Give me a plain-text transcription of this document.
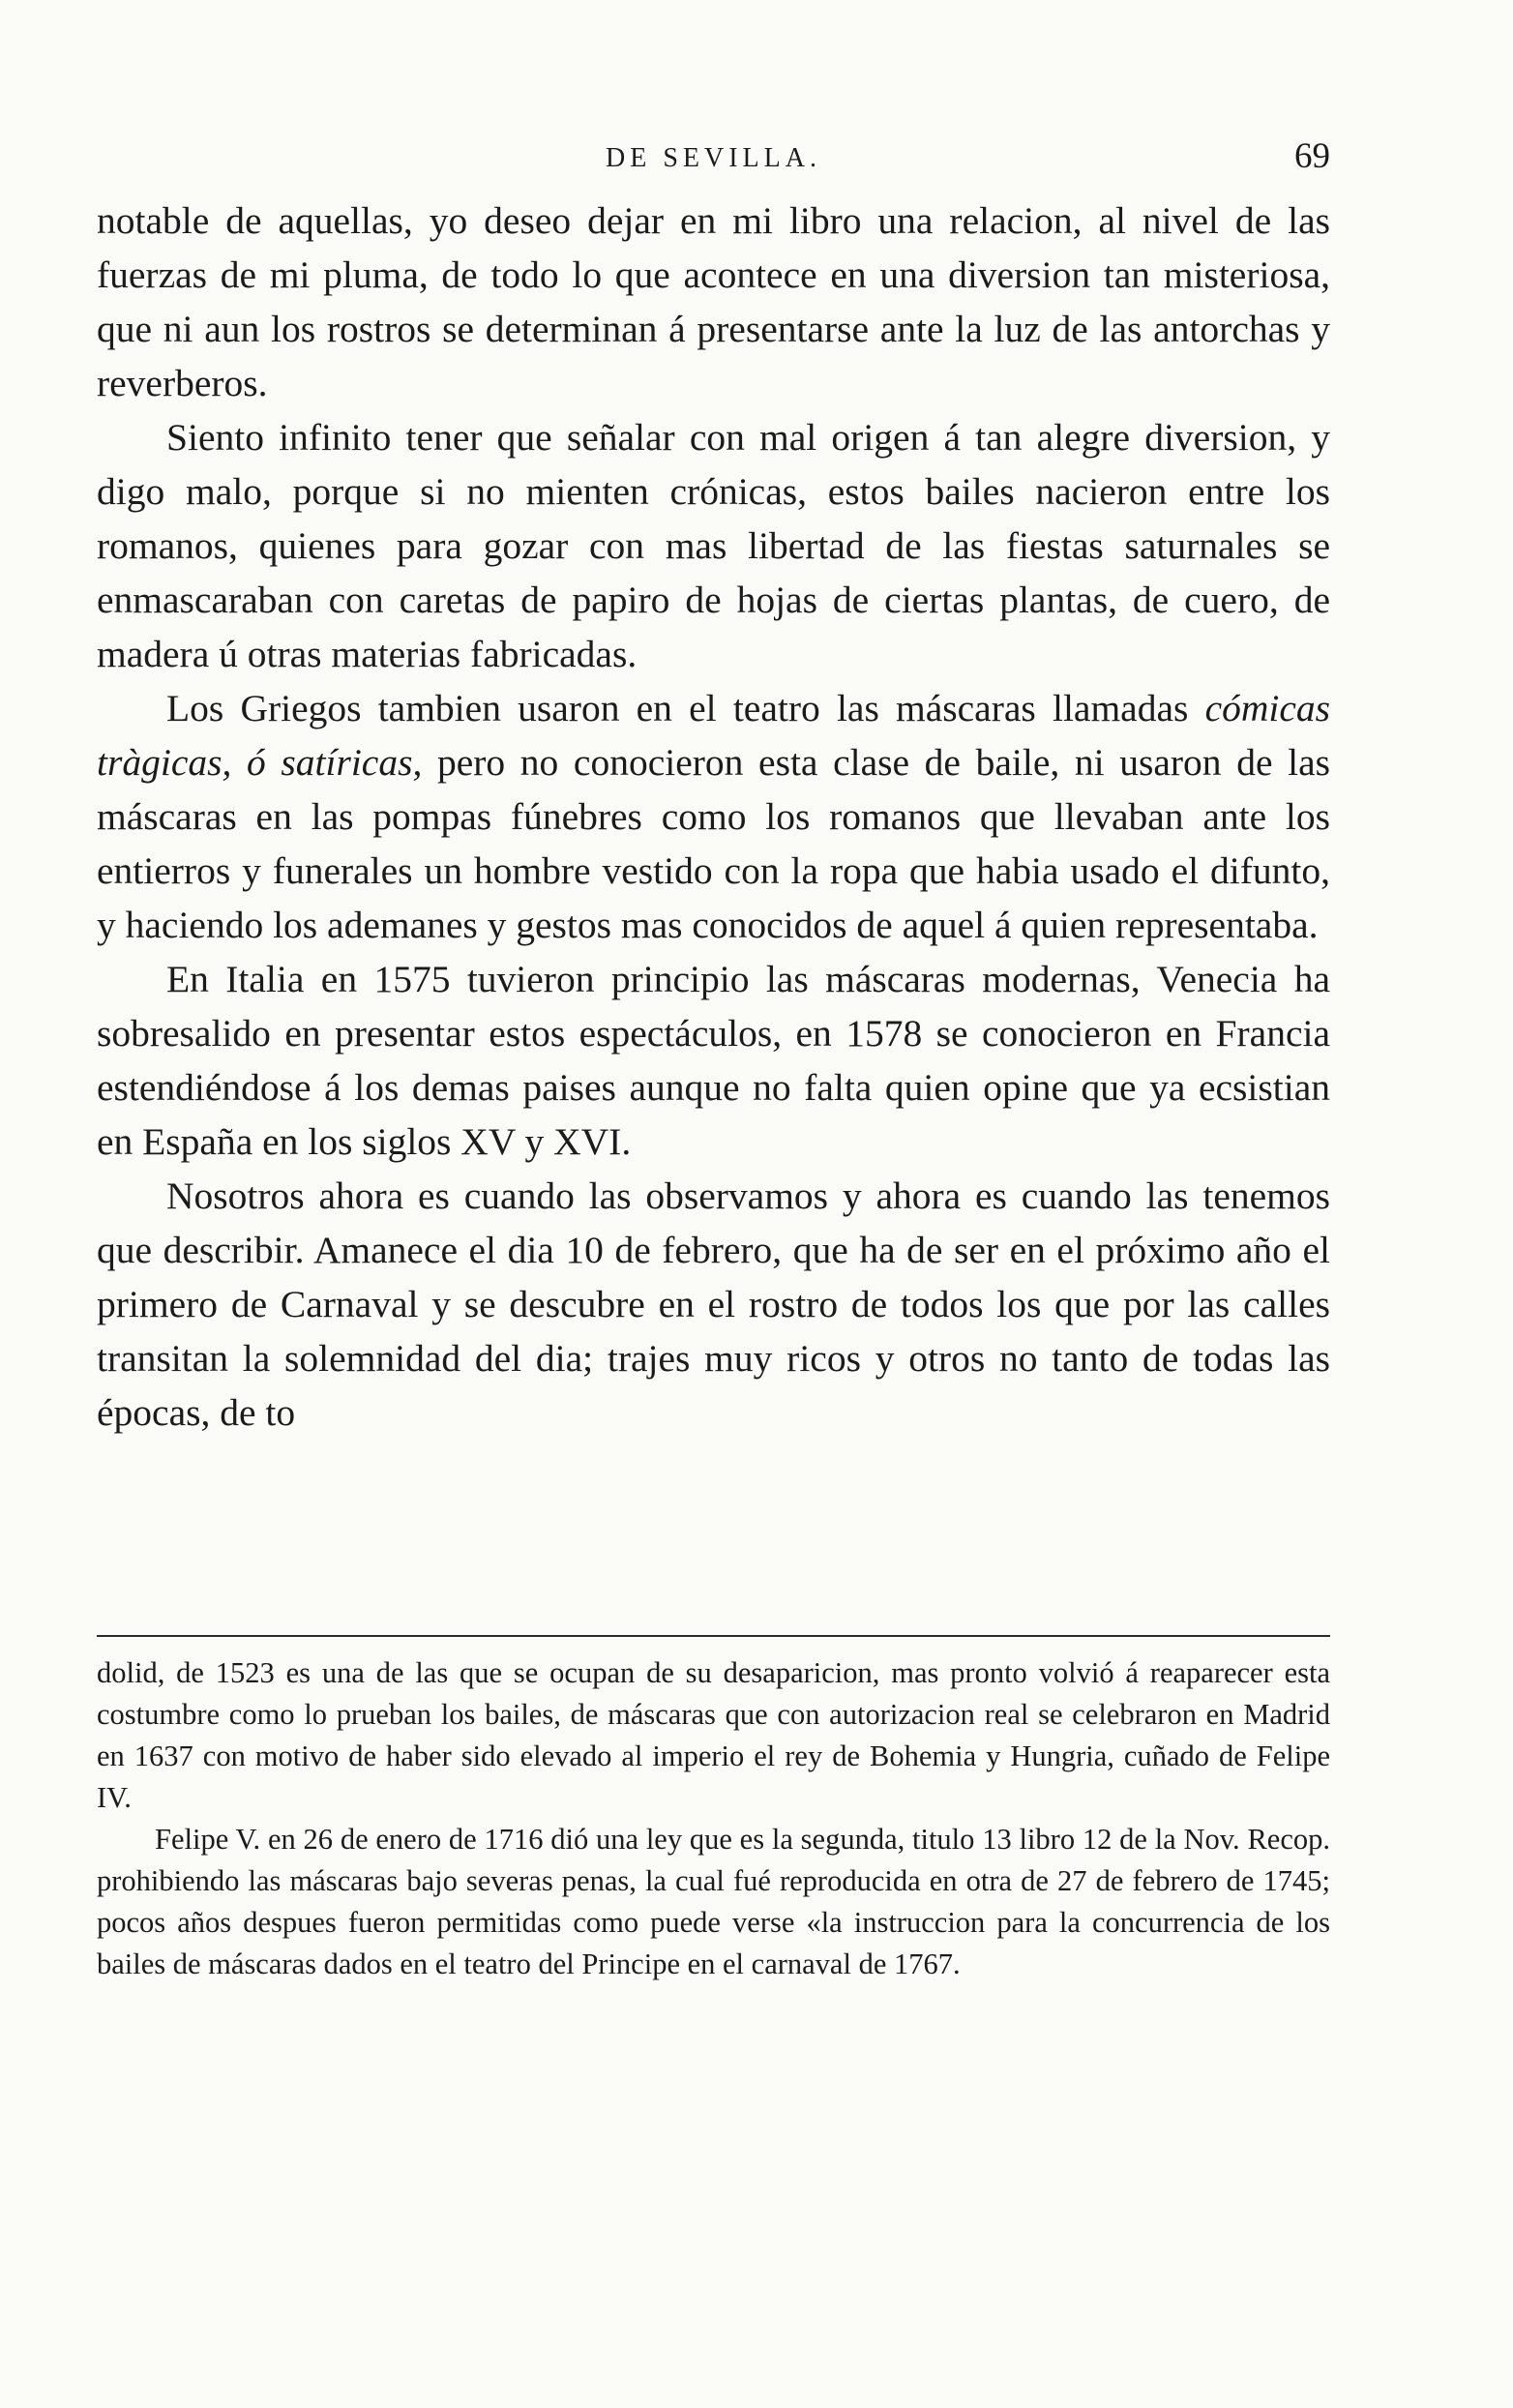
DE SEVILLA.	69

notable de aquellas, yo deseo dejar en mi libro una relacion, al nivel de las fuerzas de mi pluma, de todo lo que acontece en una diversion tan misteriosa, que ni aun los rostros se determinan á presentarse ante la luz de las antorchas y reverberos.

Siento infinito tener que señalar con mal origen á tan alegre diversion, y digo malo, porque si no mienten crónicas, estos bailes nacieron entre los romanos, quienes para gozar con mas libertad de las fiestas saturnales se enmascaraban con caretas de papiro de hojas de ciertas plantas, de cuero, de madera ú otras materias fabricadas.

Los Griegos tambien usaron en el teatro las máscaras llamadas cómicas tràgicas, ó satíricas, pero no conocieron esta clase de baile, ni usaron de las máscaras en las pompas fúnebres como los romanos que llevaban ante los entierros y funerales un hombre vestido con la ropa que habia usado el difunto, y haciendo los ademanes y gestos mas conocidos de aquel á quien representaba.

En Italia en 1575 tuvieron principio las máscaras modernas, Venecia ha sobresalido en presentar estos espectáculos, en 1578 se conocieron en Francia estendiéndose á los demas paises aunque no falta quien opine que ya ecsistian en España en los siglos XV y XVI.

Nosotros ahora es cuando las observamos y ahora es cuando las tenemos que describir. Amanece el dia 10 de febrero, que ha de ser en el próximo año el primero de Carnaval y se descubre en el rostro de todos los que por las calles transitan la solemnidad del dia; trajes muy ricos y otros no tanto de todas las épocas, de to

dolid, de 1523 es una de las que se ocupan de su desaparicion, mas pronto volvió á reaparecer esta costumbre como lo prueban los bailes, de máscaras que con autorizacion real se celebraron en Madrid en 1637 con motivo de haber sido elevado al imperio el rey de Bohemia y Hungria, cuñado de Felipe IV.

Felipe V. en 26 de enero de 1716 dió una ley que es la segunda, titulo 13 libro 12 de la Nov. Recop. prohibiendo las máscaras bajo severas penas, la cual fué reproducida en otra de 27 de febrero de 1745; pocos años despues fueron permitidas como puede verse «la instruccion para la concurrencia de los bailes de máscaras dados en el teatro del Principe en el carnaval de 1767.
